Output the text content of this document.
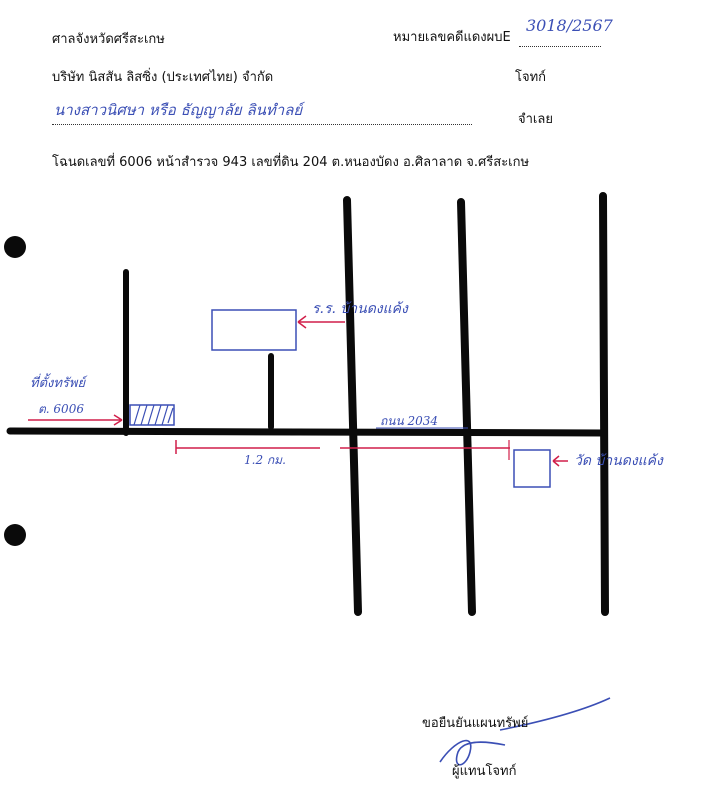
ศาลจังหวัดศรีสะเกษ	หมายเลขคดีแดงผบE
3018/2567
บริษัท นิสสัน ลิสซิ่ง (ประเทศไทย) จำกัด	โจทก์
นางสาวนิศษา หรือ ธัญญาลัย ลินทำลย์
จำเลย
โฉนดเลขที่ 6006 หน้าสำรวจ 943 เลขที่ดิน 204 ต.หนองบัดง อ.ศิลาลาด จ.ศรีสะเกษ
ที่ตั้งทรัพย์
ต. 6006
ร.ร. บ้านดงแค้ง
ถนน 2034
1.2 กม.	วัด บ้านดงแค้ง
ขอยืนยันแผนทรัพย์
ผู้แทนโจทก์
